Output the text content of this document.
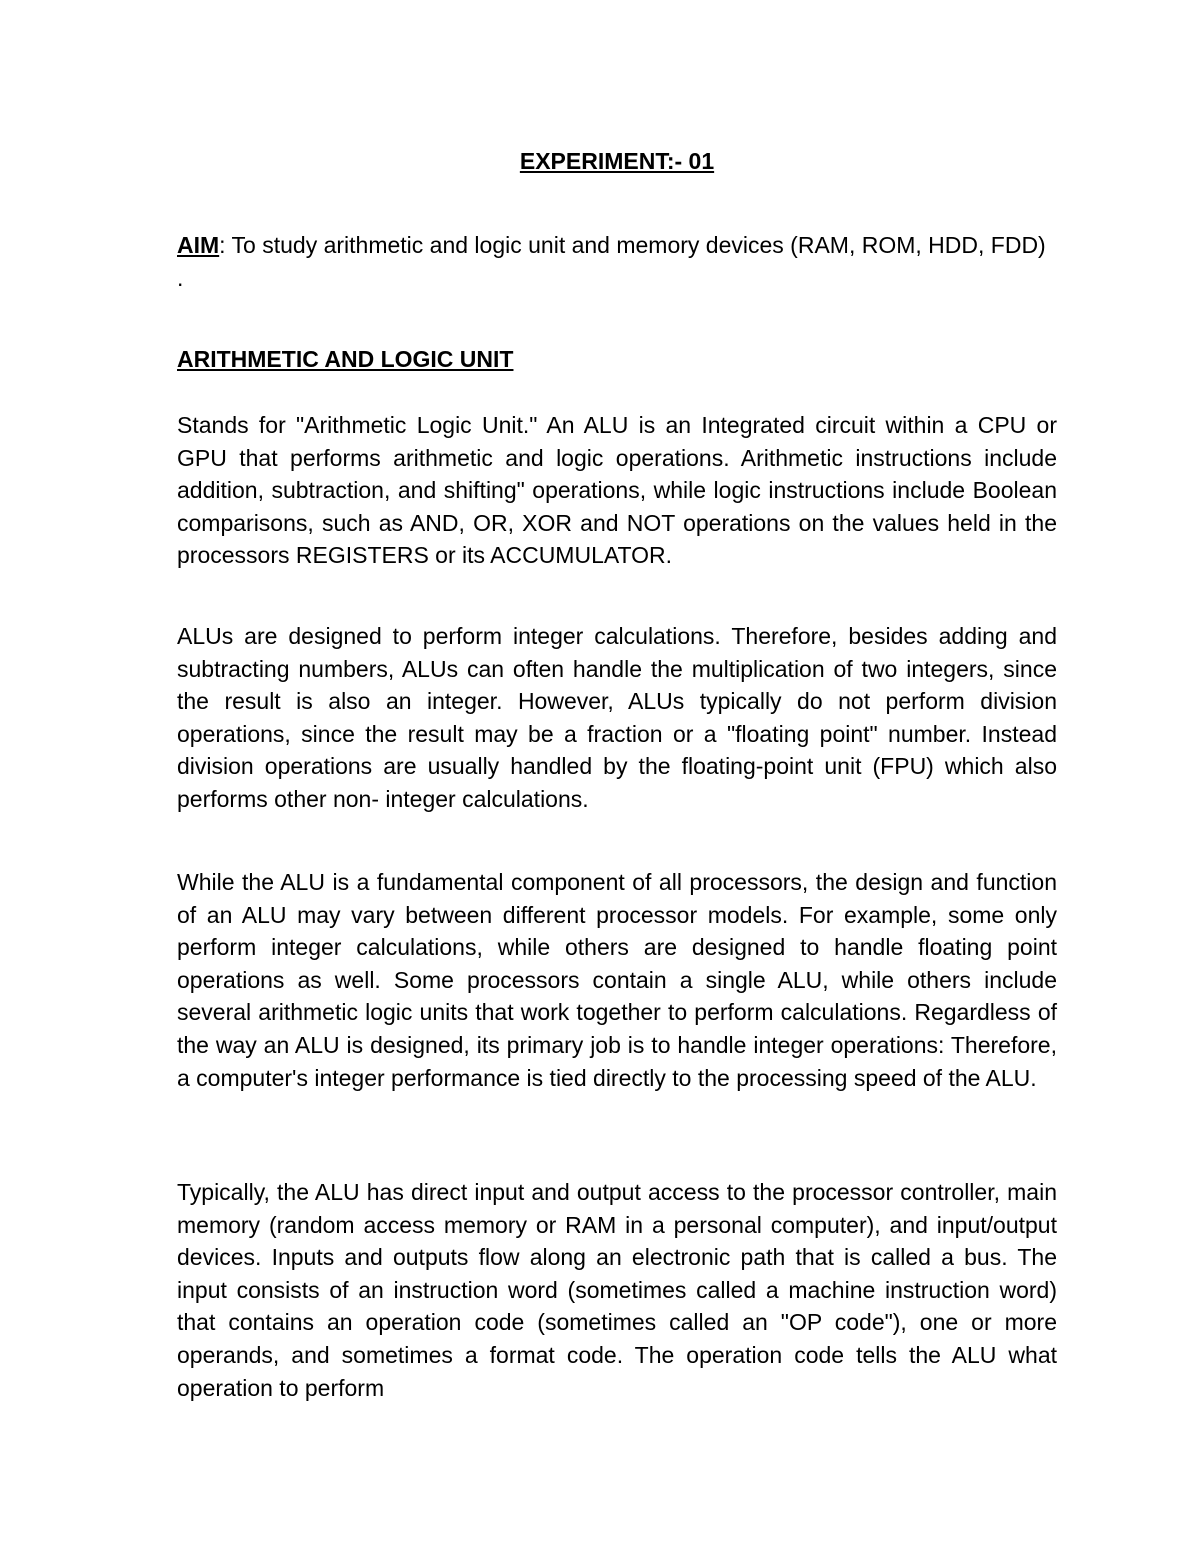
EXPERIMENT:- 01

AIM: To study arithmetic and logic unit and memory devices (RAM, ROM, HDD, FDD) .

ARITHMETIC AND LOGIC UNIT

Stands for "Arithmetic Logic Unit." An ALU is an Integrated circuit within a CPU or GPU that performs arithmetic and logic operations. Arithmetic instructions include addition, subtraction, and shifting" operations, while logic instructions include Boolean comparisons, such as AND, OR, XOR and NOT operations on the values held in the processors REGISTERS or its ACCUMULATOR.

ALUs are designed to perform integer calculations. Therefore, besides adding and subtracting numbers, ALUs can often handle the multiplication of two integers, since the result is also an integer. However, ALUs typically do not perform division operations, since the result may be a fraction or a "floating point" number. Instead division operations are usually handled by the floating-point unit (FPU) which also performs other non- integer calculations.

While the ALU is a fundamental component of all processors, the design and function of an ALU may vary between different processor models. For example, some only perform integer calculations, while others are designed to handle floating point operations as well. Some processors contain a single ALU, while others include several arithmetic logic units that work together to perform calculations. Regardless of the way an ALU is designed, its primary job is to handle integer operations: Therefore, a computer's integer performance is tied directly to the processing speed of the ALU.

Typically, the ALU has direct input and output access to the processor controller, main memory (random access memory or RAM in a personal computer), and input/output devices. Inputs and outputs flow along an electronic path that is called a bus. The input consists of an instruction word (sometimes called a machine instruction word) that contains an operation code (sometimes called an "OP code"), one or more operands, and sometimes a format code. The operation code tells the ALU what operation to perform
